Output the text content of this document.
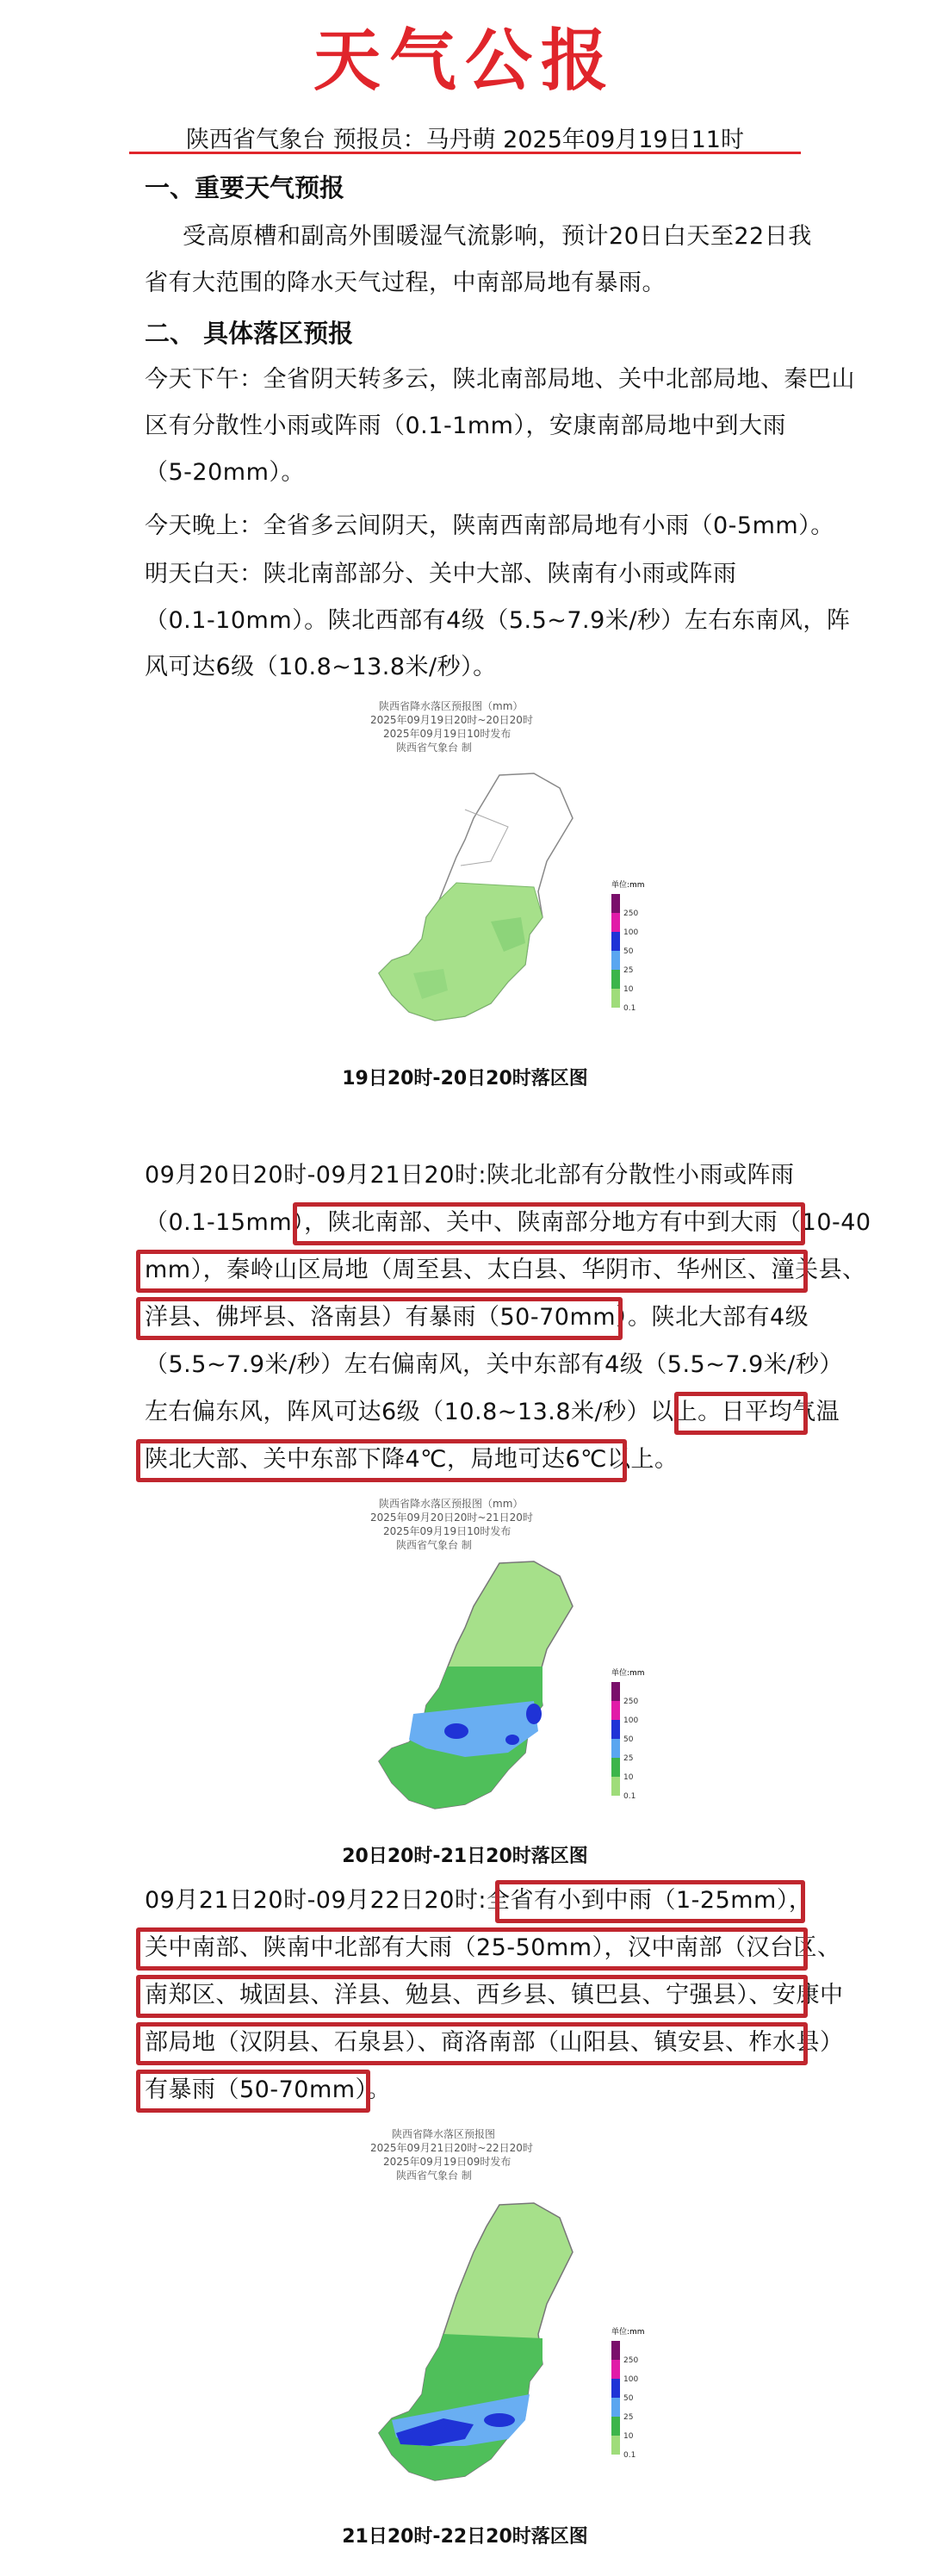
天气公报
陕西省气象台 预报员：马丹萌 2025年09月19日11时
一、重要天气预报
受高原槽和副高外围暖湿气流影响，预计20日白天至22日我
省有大范围的降水天气过程，中南部局地有暴雨。
二、 具体落区预报
今天下午：全省阴天转多云，陕北南部局地、关中北部局地、秦巴山
区有分散性小雨或阵雨（0.1-1mm），安康南部局地中到大雨
（5-20mm）。
今天晚上：全省多云间阴天，陕南西南部局地有小雨（0-5mm）。
明天白天：陕北南部部分、关中大部、陕南有小雨或阵雨
（0.1-10mm）。陕北西部有4级（5.5~7.9米/秒）左右东南风，阵
风可达6级（10.8~13.8米/秒）。
陕西省降水落区预报图（mm）
2025年09月19日20时~20日20时
2025年09月19日10时发布
陕西省气象台 制
单位:mm
250
100
50
25
10
0.1
19日20时-20日20时落区图
09月20日20时-09月21日20时:陕北北部有分散性小雨或阵雨
（0.1-15mm），陕北南部、关中、陕南部分地方有中到大雨（10-40
mm），秦岭山区局地（周至县、太白县、华阴市、华州区、潼关县、
洋县、佛坪县、洛南县）有暴雨（50-70mm）。陕北大部有4级
（5.5~7.9米/秒）左右偏南风，关中东部有4级（5.5~7.9米/秒）
左右偏东风，阵风可达6级（10.8~13.8米/秒）以上。日平均气温
陕北大部、关中东部下降4℃，局地可达6℃以上。
陕西省降水落区预报图（mm）
2025年09月20日20时~21日20时
2025年09月19日10时发布
陕西省气象台 制
单位:mm
250
100
50
25
10
0.1
20日20时-21日20时落区图
09月21日20时-09月22日20时:全省有小到中雨（1-25mm），
关中南部、陕南中北部有大雨（25-50mm），汉中南部（汉台区、
南郑区、城固县、洋县、勉县、西乡县、镇巴县、宁强县）、安康中
部局地（汉阴县、石泉县）、商洛南部（山阳县、镇安县、柞水县）
有暴雨（50-70mm）。
陕西省降水落区预报图
2025年09月21日20时~22日20时
2025年09月19日09时发布
陕西省气象台 制
单位:mm
250
100
50
25
10
0.1
21日20时-22日20时落区图
